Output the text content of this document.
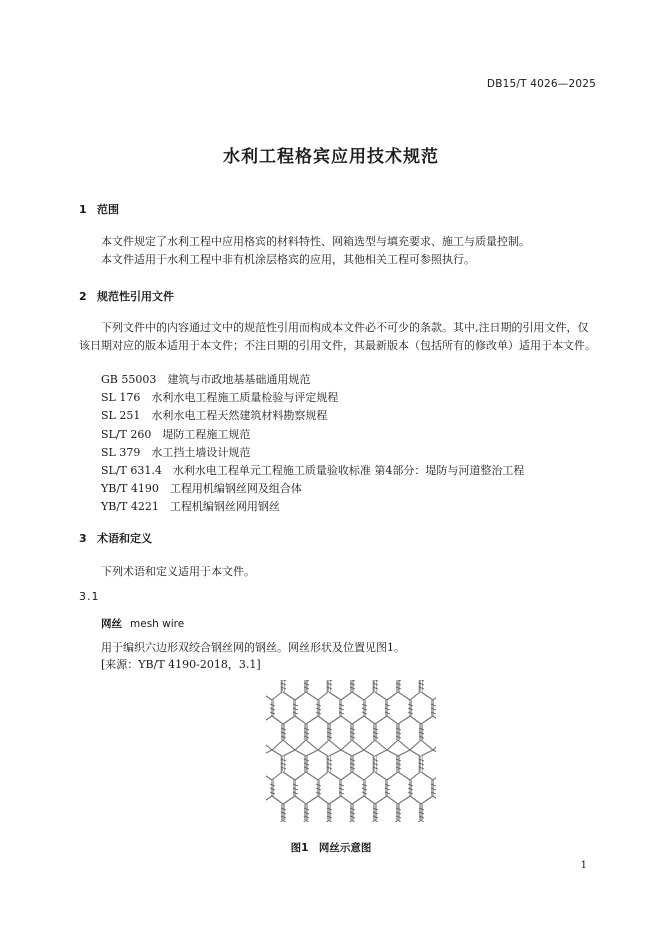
DB15/T 4026—2025
水利工程格宾应用技术规范
1 范围
本文件规定了水利工程中应用格宾的材料特性、网箱选型与填充要求、施工与质量控制。
本文件适用于水利工程中非有机涂层格宾的应用，其他相关工程可参照执行。
2 规范性引用文件
下列文件中的内容通过文中的规范性引用而构成本文件必不可少的条款。其中,注日期的引用文件，仅该日期对应的版本适用于本文件；不注日期的引用文件，其最新版本（包括所有的修改单）适用于本文件。
GB 55003　建筑与市政地基基础通用规范
SL 176　水利水电工程施工质量检验与评定规程
SL 251　水利水电工程天然建筑材料勘察规程
SL/T 260　堤防工程施工规范
SL 379　水工挡土墙设计规范
SL/T 631.4　水利水电工程单元工程施工质量验收标准 第4部分：堤防与河道整治工程
YB/T 4190　工程用机编钢丝网及组合体
YB/T 4221　工程机编钢丝网用钢丝
3 术语和定义
下列术语和定义适用于本文件。
3.1
网丝 mesh wire
用于编织六边形双绞合钢丝网的钢丝。网丝形状及位置见图1。
[来源：YB/T 4190-2018，3.1]
图1　网丝示意图
1
